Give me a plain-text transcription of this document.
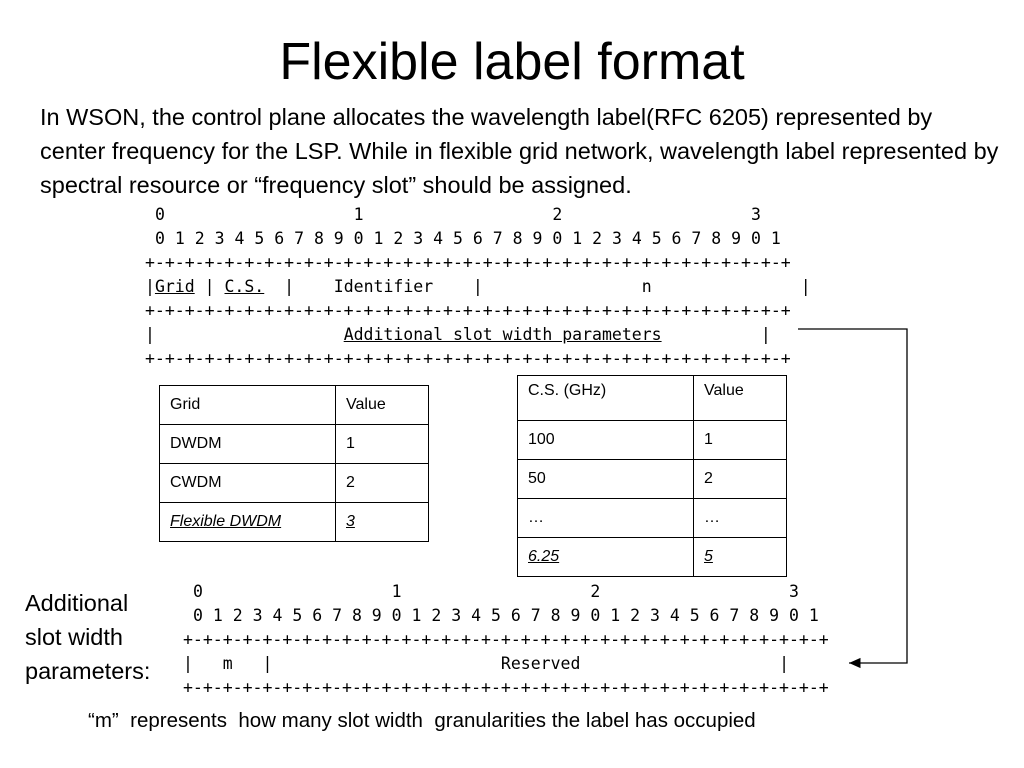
Flexible label format
In WSON, the control plane allocates the wavelength label(RFC 6205) represented by center frequency for the LSP. While in flexible grid network, wavelength label represented by spectral resource or “frequency slot” should be assigned.
0                   1                   2                   3
0 1 2 3 4 5 6 7 8 9 0 1 2 3 4 5 6 7 8 9 0 1 2 3 4 5 6 7 8 9 0 1
+-+-+-+-+-+-+-+-+-+-+-+-+-+-+-+-+-+-+-+-+-+-+-+-+-+-+-+-+-+-+-+-+
|Grid | C.S.  |    Identifier    |                n	|
+-+-+-+-+-+-+-+-+-+-+-+-+-+-+-+-+-+-+-+-+-+-+-+-+-+-+-+-+-+-+-+-+
|	Additional slot width parameters	|
+-+-+-+-+-+-+-+-+-+-+-+-+-+-+-+-+-+-+-+-+-+-+-+-+-+-+-+-+-+-+-+-+
Grid	Value
DWDM	1
CWDM	2
Flexible DWDM	3
C.S. (GHz)	Value
100	1
50	2
…	…
6.25	5
Additional
slot width
parameters:
0                   1                   2                   3
0 1 2 3 4 5 6 7 8 9 0 1 2 3 4 5 6 7 8 9 0 1 2 3 4 5 6 7 8 9 0 1
+-+-+-+-+-+-+-+-+-+-+-+-+-+-+-+-+-+-+-+-+-+-+-+-+-+-+-+-+-+-+-+-+
|   m   |                       Reserved	|
+-+-+-+-+-+-+-+-+-+-+-+-+-+-+-+-+-+-+-+-+-+-+-+-+-+-+-+-+-+-+-+-+
“m”  represents  how many slot width  granularities the label has occupied
